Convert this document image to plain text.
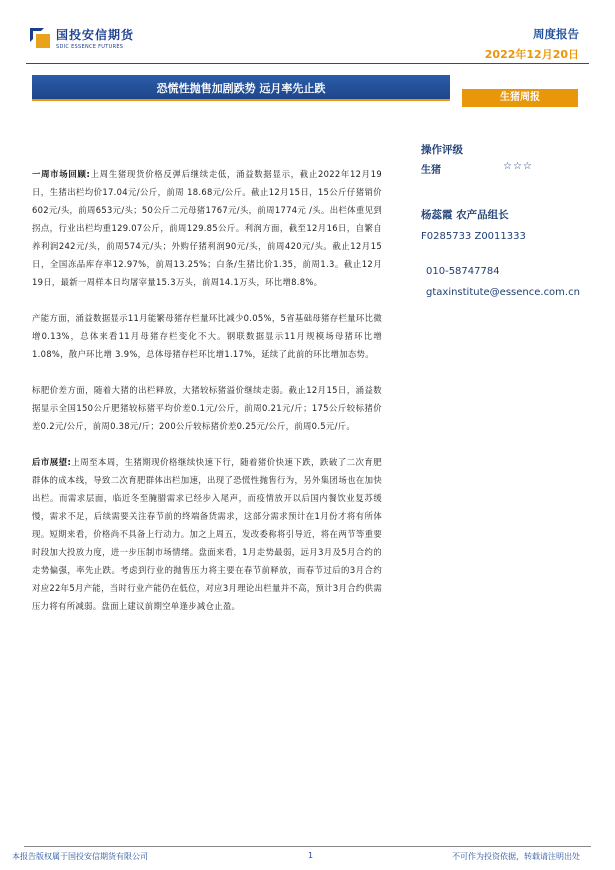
国投安信期货
SDIC ESSENCE FUTURES
周度报告
2022年12月20日
恐慌性抛售加剧跌势 远月率先止跌
生猪周报

一周市场回顾:上周生猪现货价格反弹后继续走低，涌益数据显示，截止2022年12月19日，生猪出栏均价17.04元/公斤，前周 18.68元/公斤。截止12月15日，15公斤仔猪销价602元/头，前周653元/头；50公斤二元母猪1767元/头，前周1774元 /头。出栏体重见到拐点，行业出栏均重129.07公斤，前周129.85公斤。利润方面，截至12月16日，自繁自养利润242元/头，前周574元/头；外购仔猪利润90元/头，前周420元/头。截止12月15日，全国冻品库存率12.97%，前周13.25%；白条/生猪比价1.35，前周1.3。截止12月19日，最新一周样本日均屠宰量15.3万头，前周14.1万头，环比增8.8%。

产能方面，涌益数据显示11月能繁母猪存栏量环比减少0.05%，5省基础母猪存栏量环比微增0.13%，总体来看11月母猪存栏变化不大。钢联数据显示11月规模场母猪环比增1.08%，散户环比增 3.9%，总体母猪存栏环比增1.17%，延续了此前的环比增加态势。

标肥价差方面，随着大猪的出栏释放，大猪较标猪溢价继续走弱。截止12月15日，涌益数据显示全国150公斤肥猪较标猪平均价差0.1元/公斤，前周0.21元/斤；175公斤较标猪价差0.2元/公斤，前周0.38元/斤；200公斤较标猪价差0.25元/公斤，前周0.5元/斤。

后市展望:上周至本周，生猪期现价格继续快速下行，随着猪价快速下跌，跌破了二次育肥群体的成本线，导致二次育肥群体出栏加速，出现了恐慌性抛售行为，另外集团场也在加快出栏。而需求层面，临近冬至腌腊需求已经步入尾声，而疫情放开以后国内餐饮业复苏缓慢，需求不足，后续需要关注春节前的终端备货需求，这部分需求预计在1月份才将有所体现。短期来看，价格尚不具备上行动力。加之上周五，发改委称将引导近，将在两节等重要时段加大投放力度，进一步压制市场情绪。盘面来看，1月走势最弱，远月3月及5月合约的走势偏强，率先止跌。考虑到行业的抛售压力将主要在春节前释放，而春节过后的3月合约对应22年5月产能，当时行业产能仍在低位，对应3月理论出栏量并不高，预计3月合约供需压力将有所减弱。盘面上建议前期空单逢步减仓止盈。

操作评级
生猪	☆☆☆
杨蕊霞 农产品组长
F0285733 Z0011333
010-58747784
gtaxinstitute@essence.com.cn
本报告版权属于国投安信期货有限公司	1	不可作为投资依据，转载请注明出处
